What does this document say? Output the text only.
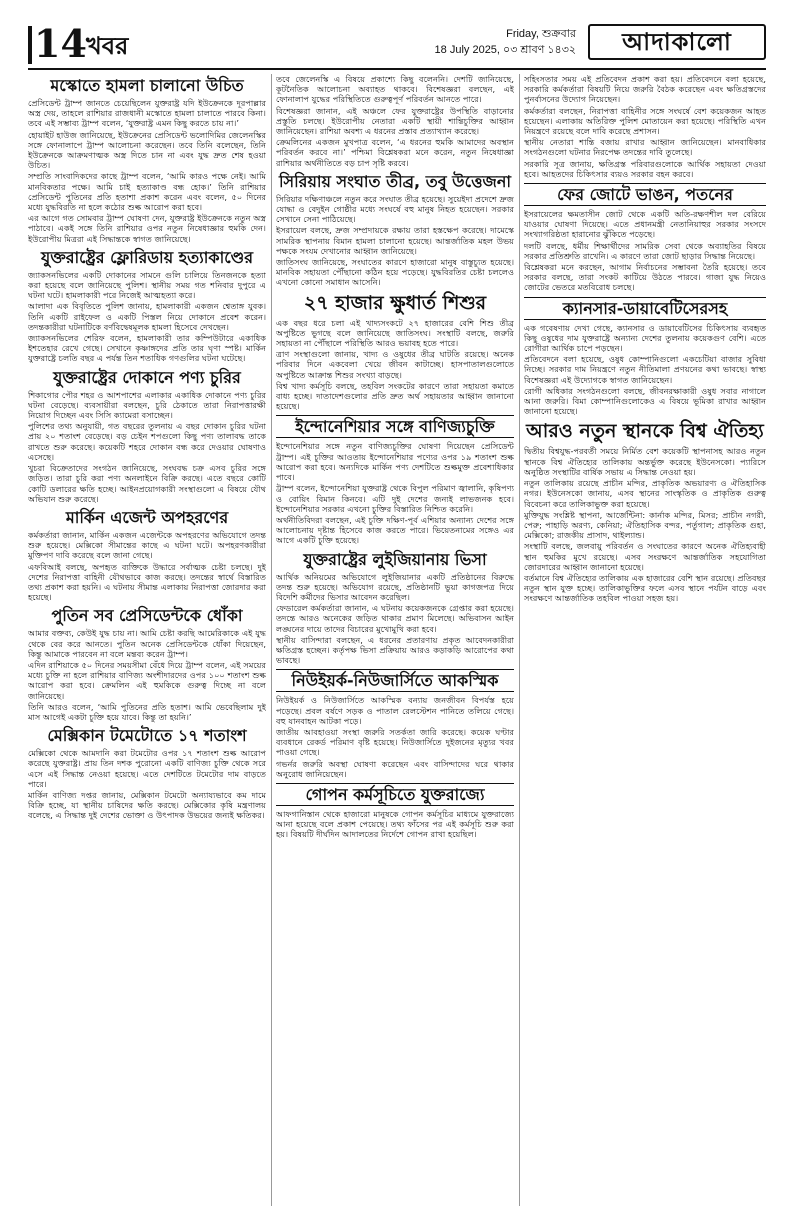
14 খবর	Friday, শুক্রবার
18 July 2025, ০৩ শ্রাবণ ১৪৩২	আদাকালো
মস্কোতে হামলা চালানো উচিত

প্রেসিডেন্ট ট্রাম্প জানতে চেয়েছিলেন যুক্তরাষ্ট্র যদি ইউক্রেনকে দূরপাল্লার অস্ত্র দেয়, তাহলে রাশিয়ার রাজধানী মস্কোতে হামলা চালাতে পারবে কিনা। তবে এই সম্ভাব্য ট্রাম্প বলেন, ‘যুক্তরাষ্ট্র এমন কিছু করতে চায় না।’

হোয়াইট হাউজ জানিয়েছে, ইউক্রেনের প্রেসিডেন্ট ভলোদিমির জেলেনস্কির সঙ্গে ফোনালাপে ট্রাম্প আলোচনা করেছেন। তবে তিনি বলেছেন, তিনি ইউক্রেনকে আক্রমণাত্মক অস্ত্র দিতে চান না এবং যুদ্ধ দ্রুত শেষ হওয়া উচিত।

সম্প্রতি সাংবাদিকদের কাছে ট্রাম্প বলেন, ‘আমি কারও পক্ষে নেই। আমি মানবিকতার পক্ষে। আমি চাই হত্যাকাণ্ড বন্ধ হোক।’ তিনি রাশিয়ার প্রেসিডেন্ট পুতিনের প্রতি হতাশা প্রকাশ করেন এবং বলেন, ৫০ দিনের মধ্যে যুদ্ধবিরতি না হলে কঠোর শুল্ক আরোপ করা হবে।

এর আগে গত সোমবার ট্রাম্প ঘোষণা দেন, যুক্তরাষ্ট্র ইউক্রেনকে নতুন অস্ত্র পাঠাবে। একই সঙ্গে তিনি রাশিয়ার ওপর নতুন নিষেধাজ্ঞার হুমকি দেন। ইউরোপীয় মিত্ররা এই সিদ্ধান্তকে স্বাগত জানিয়েছে।

যুক্তরাষ্ট্রের ফ্লোরিডায় হত্যাকাণ্ডের

জ্যাকসনভিলের একটি দোকানের সামনে গুলি চালিয়ে তিনজনকে হত্যা করা হয়েছে বলে জানিয়েছে পুলিশ। স্থানীয় সময় গত শনিবার দুপুরে এ ঘটনা ঘটে। হামলাকারী পরে নিজেই আত্মহত্যা করে।

আলাদা এক বিবৃতিতে পুলিশ জানায়, হামলাকারী একজন শ্বেতাঙ্গ যুবক। তিনি একটি রাইফেল ও একটি পিস্তল নিয়ে দোকানে প্রবেশ করেন। তদন্তকারীরা ঘটনাটিকে বর্ণবিদ্বেষমূলক হামলা হিসেবে দেখছেন।

জ্যাকসনভিলের শেরিফ বলেন, হামলাকারী তার কম্পিউটারে একাধিক ইশতেহার রেখে গেছে। সেখানে কৃষ্ণাঙ্গদের প্রতি তার ঘৃণা স্পষ্ট। মার্কিন যুক্তরাষ্ট্রে চলতি বছর এ পর্যন্ত তিন শতাধিক গণগুলির ঘটনা ঘটেছে।

যুক্তরাষ্ট্রের দোকানে পণ্য চুরির

শিকাগোর পৌর শহর ও আশপাশের এলাকার একাধিক দোকানে পণ্য চুরির ঘটনা বেড়েছে। ব্যবসায়ীরা বলছেন, চুরি ঠেকাতে তারা নিরাপত্তারক্ষী নিয়োগ দিচ্ছেন এবং সিসি ক্যামেরা বসাচ্ছেন।

পুলিশের তথ্য অনুযায়ী, গত বছরের তুলনায় এ বছর দোকান চুরির ঘটনা প্রায় ২০ শতাংশ বেড়েছে। বড় চেইন শপগুলো কিছু পণ্য তালাবদ্ধ তাকে রাখতে শুরু করেছে। কয়েকটি শহরে দোকান বন্ধ করে দেওয়ার ঘোষণাও এসেছে।

খুচরা বিক্রেতাদের সংগঠন জানিয়েছে, সংঘবদ্ধ চক্র এসব চুরির সঙ্গে জড়িত। তারা চুরি করা পণ্য অনলাইনে বিক্রি করছে। এতে বছরে কোটি কোটি ডলারের ক্ষতি হচ্ছে। আইনপ্রয়োগকারী সংস্থাগুলো এ বিষয়ে যৌথ অভিযান শুরু করেছে।

মার্কিন এজেন্ট অপহরণের

কর্মকর্তারা জানান, মার্কিন একজন এজেন্টকে অপহরণের অভিযোগে তদন্ত শুরু হয়েছে। মেক্সিকো সীমান্তের কাছে এ ঘটনা ঘটে। অপহরণকারীরা মুক্তিপণ দাবি করেছে বলে জানা গেছে।

এফবিআই বলছে, অপহৃত ব্যক্তিকে উদ্ধারে সর্বাত্মক চেষ্টা চলছে। দুই দেশের নিরাপত্তা বাহিনী যৌথভাবে কাজ করছে। তদন্তের স্বার্থে বিস্তারিত তথ্য প্রকাশ করা হয়নি। এ ঘটনায় সীমান্ত এলাকায় নিরাপত্তা জোরদার করা হয়েছে।

পুতিন সব প্রেসিডেন্টকে ধোঁকা

আমার বক্তব্য, কেউই যুদ্ধ চায় না। আমি চেষ্টা করছি আমেরিকাকে এই যুদ্ধ থেকে বের করে আনতে। পুতিন অনেক প্রেসিডেন্টকে ধোঁকা দিয়েছেন, কিন্তু আমাকে পারবেন না বলে মন্তব্য করেন ট্রাম্প।

এদিন রাশিয়াকে ৫০ দিনের সময়সীমা বেঁধে দিয়ে ট্রাম্প বলেন, এই সময়ের মধ্যে চুক্তি না হলে রাশিয়ার বাণিজ্য অংশীদারদের ওপর ১০০ শতাংশ শুল্ক আরোপ করা হবে। ক্রেমলিন এই হুমকিকে গুরুত্ব দিচ্ছে না বলে জানিয়েছে।

তিনি আরও বলেন, ‘আমি পুতিনের প্রতি হতাশ। আমি ভেবেছিলাম দুই মাস আগেই একটা চুক্তি হয়ে যাবে। কিন্তু তা হয়নি।’

মেক্সিকান টমেটোতে ১৭ শতাংশ

মেক্সিকো থেকে আমদানি করা টমেটোর ওপর ১৭ শতাংশ শুল্ক আরোপ করেছে যুক্তরাষ্ট্র। প্রায় তিন দশক পুরোনো একটি বাণিজ্য চুক্তি থেকে সরে এসে এই সিদ্ধান্ত নেওয়া হয়েছে। এতে দেশটিতে টমেটোর দাম বাড়তে পারে।

মার্কিন বাণিজ্য দপ্তর জানায়, মেক্সিকান টমেটো অন্যায্যভাবে কম দামে বিক্রি হচ্ছে, যা স্থানীয় চাষিদের ক্ষতি করছে। মেক্সিকোর কৃষি মন্ত্রণালয় বলেছে, এ সিদ্ধান্ত দুই দেশের ভোক্তা ও উৎপাদক উভয়ের জন্যই ক্ষতিকর।

তবে জেলেনস্কি এ বিষয়ে প্রকাশ্যে কিছু বলেননি। দেশটি জানিয়েছে, কূটনৈতিক আলোচনা অব্যাহত থাকবে। বিশেষজ্ঞরা বলছেন, এই ফোনালাপ যুদ্ধের পরিস্থিতিতে গুরুত্বপূর্ণ পরিবর্তন আনতে পারে।

বিশেষজ্ঞরা জানান, এই অঞ্চলে ফের যুক্তরাষ্ট্রের উপস্থিতি বাড়ানোর প্রস্তুতি চলছে। ইউরোপীয় নেতারা একটি স্থায়ী শান্তিচুক্তির আহ্বান জানিয়েছেন। রাশিয়া অবশ্য এ ধরনের প্রস্তাব প্রত্যাখ্যান করেছে।

ক্রেমলিনের একজন মুখপাত্র বলেন, ‘এ ধরনের হুমকি আমাদের অবস্থান পরিবর্তন করবে না।’ পশ্চিমা বিশ্লেষকরা মনে করেন, নতুন নিষেধাজ্ঞা রাশিয়ার অর্থনীতিতে বড় চাপ সৃষ্টি করবে।

সিরিয়ায় সংঘাত তীব্র, তবু উত্তেজনা

সিরিয়ার দক্ষিণাঞ্চলে নতুন করে সংঘাত তীব্র হয়েছে। সুয়েইদা প্রদেশে দ্রুজ যোদ্ধা ও বেদুইন গোষ্ঠীর মধ্যে সংঘর্ষে বহু মানুষ নিহত হয়েছেন। সরকার সেখানে সেনা পাঠিয়েছে।

ইসরায়েল বলছে, দ্রুজ সম্প্রদায়কে রক্ষায় তারা হস্তক্ষেপ করেছে। দামেস্কে সামরিক স্থাপনায় বিমান হামলা চালানো হয়েছে। আন্তর্জাতিক মহল উভয় পক্ষকে সংযম দেখানোর আহ্বান জানিয়েছে।

জাতিসংঘ জানিয়েছে, সংঘাতের কারণে হাজারো মানুষ বাস্তুচ্যুত হয়েছে। মানবিক সহায়তা পৌঁছানো কঠিন হয়ে পড়েছে। যুদ্ধবিরতির চেষ্টা চললেও এখনো কোনো সমাধান আসেনি।

২৭ হাজার ক্ষুধার্ত শিশুর

এক বছর ধরে চলা এই খাদ্যসংকটে ২৭ হাজারের বেশি শিশু তীব্র অপুষ্টিতে ভুগছে বলে জানিয়েছে জাতিসংঘ। সংস্থাটি বলছে, জরুরি সহায়তা না পৌঁছালে পরিস্থিতি আরও ভয়াবহ হতে পারে।

ত্রাণ সংস্থাগুলো জানায়, খাদ্য ও ওষুধের তীব্র ঘাটতি রয়েছে। অনেক পরিবার দিনে একবেলা খেয়ে জীবন কাটাচ্ছে। হাসপাতালগুলোতে অপুষ্টিতে আক্রান্ত শিশুর সংখ্যা বাড়ছে।

বিশ্ব খাদ্য কর্মসূচি বলছে, তহবিল সংকটের কারণে তারা সহায়তা কমাতে বাধ্য হচ্ছে। দাতাদেশগুলোর প্রতি দ্রুত অর্থ সহায়তার আহ্বান জানানো হয়েছে।

ইন্দোনেশিয়ার সঙ্গে বাণিজ্যচুক্তি

ইন্দোনেশিয়ার সঙ্গে নতুন বাণিজ্যচুক্তির ঘোষণা দিয়েছেন প্রেসিডেন্ট ট্রাম্প। এই চুক্তির আওতায় ইন্দোনেশিয়ার পণ্যের ওপর ১৯ শতাংশ শুল্ক আরোপ করা হবে। অন্যদিকে মার্কিন পণ্য দেশটিতে শুল্কমুক্ত প্রবেশাধিকার পাবে।

ট্রাম্প বলেন, ইন্দোনেশিয়া যুক্তরাষ্ট্র থেকে বিপুল পরিমাণ জ্বালানি, কৃষিপণ্য ও বোয়িং বিমান কিনবে। এটি দুই দেশের জন্যই লাভজনক হবে। ইন্দোনেশিয়ার সরকার এখনো চুক্তির বিস্তারিত নিশ্চিত করেনি।

অর্থনীতিবিদরা বলছেন, এই চুক্তি দক্ষিণ-পূর্ব এশিয়ার অন্যান্য দেশের সঙ্গে আলোচনায় দৃষ্টান্ত হিসেবে কাজ করতে পারে। ভিয়েতনামের সঙ্গেও এর আগে একটি চুক্তি হয়েছে।

যুক্তরাষ্ট্রের লুইজিয়ানায় ভিসা

আর্থিক অনিয়মের অভিযোগে লুইজিয়ানার একটি প্রতিষ্ঠানের বিরুদ্ধে তদন্ত শুরু হয়েছে। অভিযোগ রয়েছে, প্রতিষ্ঠানটি ভুয়া কাগজপত্র দিয়ে বিদেশি কর্মীদের ভিসার আবেদন করেছিল।

ফেডারেল কর্মকর্তারা জানান, এ ঘটনায় কয়েকজনকে গ্রেপ্তার করা হয়েছে। তদন্তে আরও অনেকের জড়িত থাকার প্রমাণ মিলেছে। অভিবাসন আইন লঙ্ঘনের দায়ে তাদের বিচারের মুখোমুখি করা হবে।

স্থানীয় বাসিন্দারা বলছেন, এ ধরনের প্রতারণায় প্রকৃত আবেদনকারীরা ক্ষতিগ্রস্ত হচ্ছেন। কর্তৃপক্ষ ভিসা প্রক্রিয়ায় আরও কড়াকড়ি আরোপের কথা ভাবছে।

নিউইয়র্ক-নিউজার্সিতে আকস্মিক

নিউইয়র্ক ও নিউজার্সিতে আকস্মিক বন্যায় জনজীবন বিপর্যস্ত হয়ে পড়েছে। প্রবল বর্ষণে সড়ক ও পাতাল রেলস্টেশন পানিতে তলিয়ে গেছে। বহু যানবাহন আটকা পড়ে।

জাতীয় আবহাওয়া সংস্থা জরুরি সতর্কতা জারি করেছে। কয়েক ঘণ্টার ব্যবধানে রেকর্ড পরিমাণ বৃষ্টি হয়েছে। নিউজার্সিতে দুইজনের মৃত্যুর খবর পাওয়া গেছে।

গভর্নর জরুরি অবস্থা ঘোষণা করেছেন এবং বাসিন্দাদের ঘরে থাকার অনুরোধ জানিয়েছেন।

গোপন কর্মসূচিতে যুক্তরাজ্যে

আফগানিস্তান থেকে হাজারো মানুষকে গোপন কর্মসূচির মাধ্যমে যুক্তরাজ্যে আনা হয়েছে বলে প্রকাশ পেয়েছে। তথ্য ফাঁসের পর এই কর্মসূচি শুরু করা হয়। বিষয়টি দীর্ঘদিন আদালতের নির্দেশে গোপন রাখা হয়েছিল।

সহিংসতার সময় এই প্রতিবেদন প্রকাশ করা হয়। প্রতিবেদনে বলা হয়েছে, সরকারি কর্মকর্তারা বিষয়টি নিয়ে জরুরি বৈঠক করেছেন এবং ক্ষতিগ্রস্তদের পুনর্বাসনের উদ্যোগ নিয়েছেন।

কর্মকর্তারা বলছেন, নিরাপত্তা বাহিনীর সঙ্গে সংঘর্ষে বেশ কয়েকজন আহত হয়েছেন। এলাকায় অতিরিক্ত পুলিশ মোতায়েন করা হয়েছে। পরিস্থিতি এখন নিয়ন্ত্রণে রয়েছে বলে দাবি করেছে প্রশাসন।

স্থানীয় নেতারা শান্তি বজায় রাখার আহ্বান জানিয়েছেন। মানবাধিকার সংগঠনগুলো ঘটনার নিরপেক্ষ তদন্তের দাবি তুলেছে।

সরকারি সূত্র জানায়, ক্ষতিগ্রস্ত পরিবারগুলোকে আর্থিক সহায়তা দেওয়া হবে। আহতদের চিকিৎসার ব্যয়ও সরকার বহন করবে।

ফের জোটে ভাঙন, পতনের

ইসরায়েলের ক্ষমতাসীন জোট থেকে একটি অতি-রক্ষণশীল দল বেরিয়ে যাওয়ার ঘোষণা দিয়েছে। এতে প্রধানমন্ত্রী নেতানিয়াহুর সরকার সংসদে সংখ্যাগরিষ্ঠতা হারানোর ঝুঁকিতে পড়েছে।

দলটি বলছে, ধর্মীয় শিক্ষার্থীদের সামরিক সেবা থেকে অব্যাহতির বিষয়ে সরকার প্রতিশ্রুতি রাখেনি। এ কারণে তারা জোট ছাড়ার সিদ্ধান্ত নিয়েছে।

বিশ্লেষকরা মনে করছেন, আগাম নির্বাচনের সম্ভাবনা তৈরি হয়েছে। তবে সরকার বলছে, তারা সংকট কাটিয়ে উঠতে পারবে। গাজা যুদ্ধ নিয়েও জোটের ভেতরে মতবিরোধ চলছে।

ক্যানসার-ডায়াবেটিসেরসহ

এক গবেষণায় দেখা গেছে, ক্যানসার ও ডায়াবেটিসের চিকিৎসায় ব্যবহৃত কিছু ওষুধের দাম যুক্তরাষ্ট্রে অন্যান্য দেশের তুলনায় কয়েকগুণ বেশি। এতে রোগীরা আর্থিক চাপে পড়ছেন।

প্রতিবেদনে বলা হয়েছে, ওষুধ কোম্পানিগুলো একচেটিয়া বাজার সুবিধা নিচ্ছে। সরকার দাম নিয়ন্ত্রণে নতুন নীতিমালা প্রণয়নের কথা ভাবছে। স্বাস্থ্য বিশেষজ্ঞরা এই উদ্যোগকে স্বাগত জানিয়েছেন।

রোগী অধিকার সংগঠনগুলো বলছে, জীবনরক্ষাকারী ওষুধ সবার নাগালে আনা জরুরি। বিমা কোম্পানিগুলোকেও এ বিষয়ে ভূমিকা রাখার আহ্বান জানানো হয়েছে।

আরও নতুন স্থানকে বিশ্ব ঐতিহ্য

দ্বিতীয় বিশ্বযুদ্ধ-পরবর্তী সময়ে নির্মিত বেশ কয়েকটি স্থাপনাসহ আরও নতুন স্থানকে বিশ্ব ঐতিহ্যের তালিকায় অন্তর্ভুক্ত করেছে ইউনেসকো। প্যারিসে অনুষ্ঠিত সংস্থাটির বার্ষিক সভায় এ সিদ্ধান্ত নেওয়া হয়।

নতুন তালিকায় রয়েছে প্রাচীন মন্দির, প্রাকৃতিক অভয়ারণ্য ও ঐতিহাসিক নগর। ইউনেসকো জানায়, এসব স্থানের সাংস্কৃতিক ও প্রাকৃতিক গুরুত্ব বিবেচনা করে তালিকাভুক্ত করা হয়েছে।

মুক্তিযুদ্ধ সংশ্লিষ্ট স্থাপনা, আর্জেন্টিনা: কার্নাক মন্দির, মিসর; প্রাচীন নগরী, পেরু; পাহাড়ি অরণ্য, কেনিয়া; ঐতিহাসিক বন্দর, পর্তুগাল; প্রাকৃতিক গুহা, মেক্সিকো; রাজকীয় প্রাসাদ, থাইল্যান্ড।

সংস্থাটি বলছে, জলবায়ু পরিবর্তন ও সংঘাতের কারণে অনেক ঐতিহ্যবাহী স্থান হুমকির মুখে রয়েছে। এসব সংরক্ষণে আন্তর্জাতিক সহযোগিতা জোরদারের আহ্বান জানানো হয়েছে।

বর্তমানে বিশ্ব ঐতিহ্যের তালিকায় এক হাজারের বেশি স্থান রয়েছে। প্রতিবছর নতুন স্থান যুক্ত হচ্ছে। তালিকাভুক্তির ফলে এসব স্থানে পর্যটন বাড়ে এবং সংরক্ষণে আন্তর্জাতিক তহবিল পাওয়া সহজ হয়।
